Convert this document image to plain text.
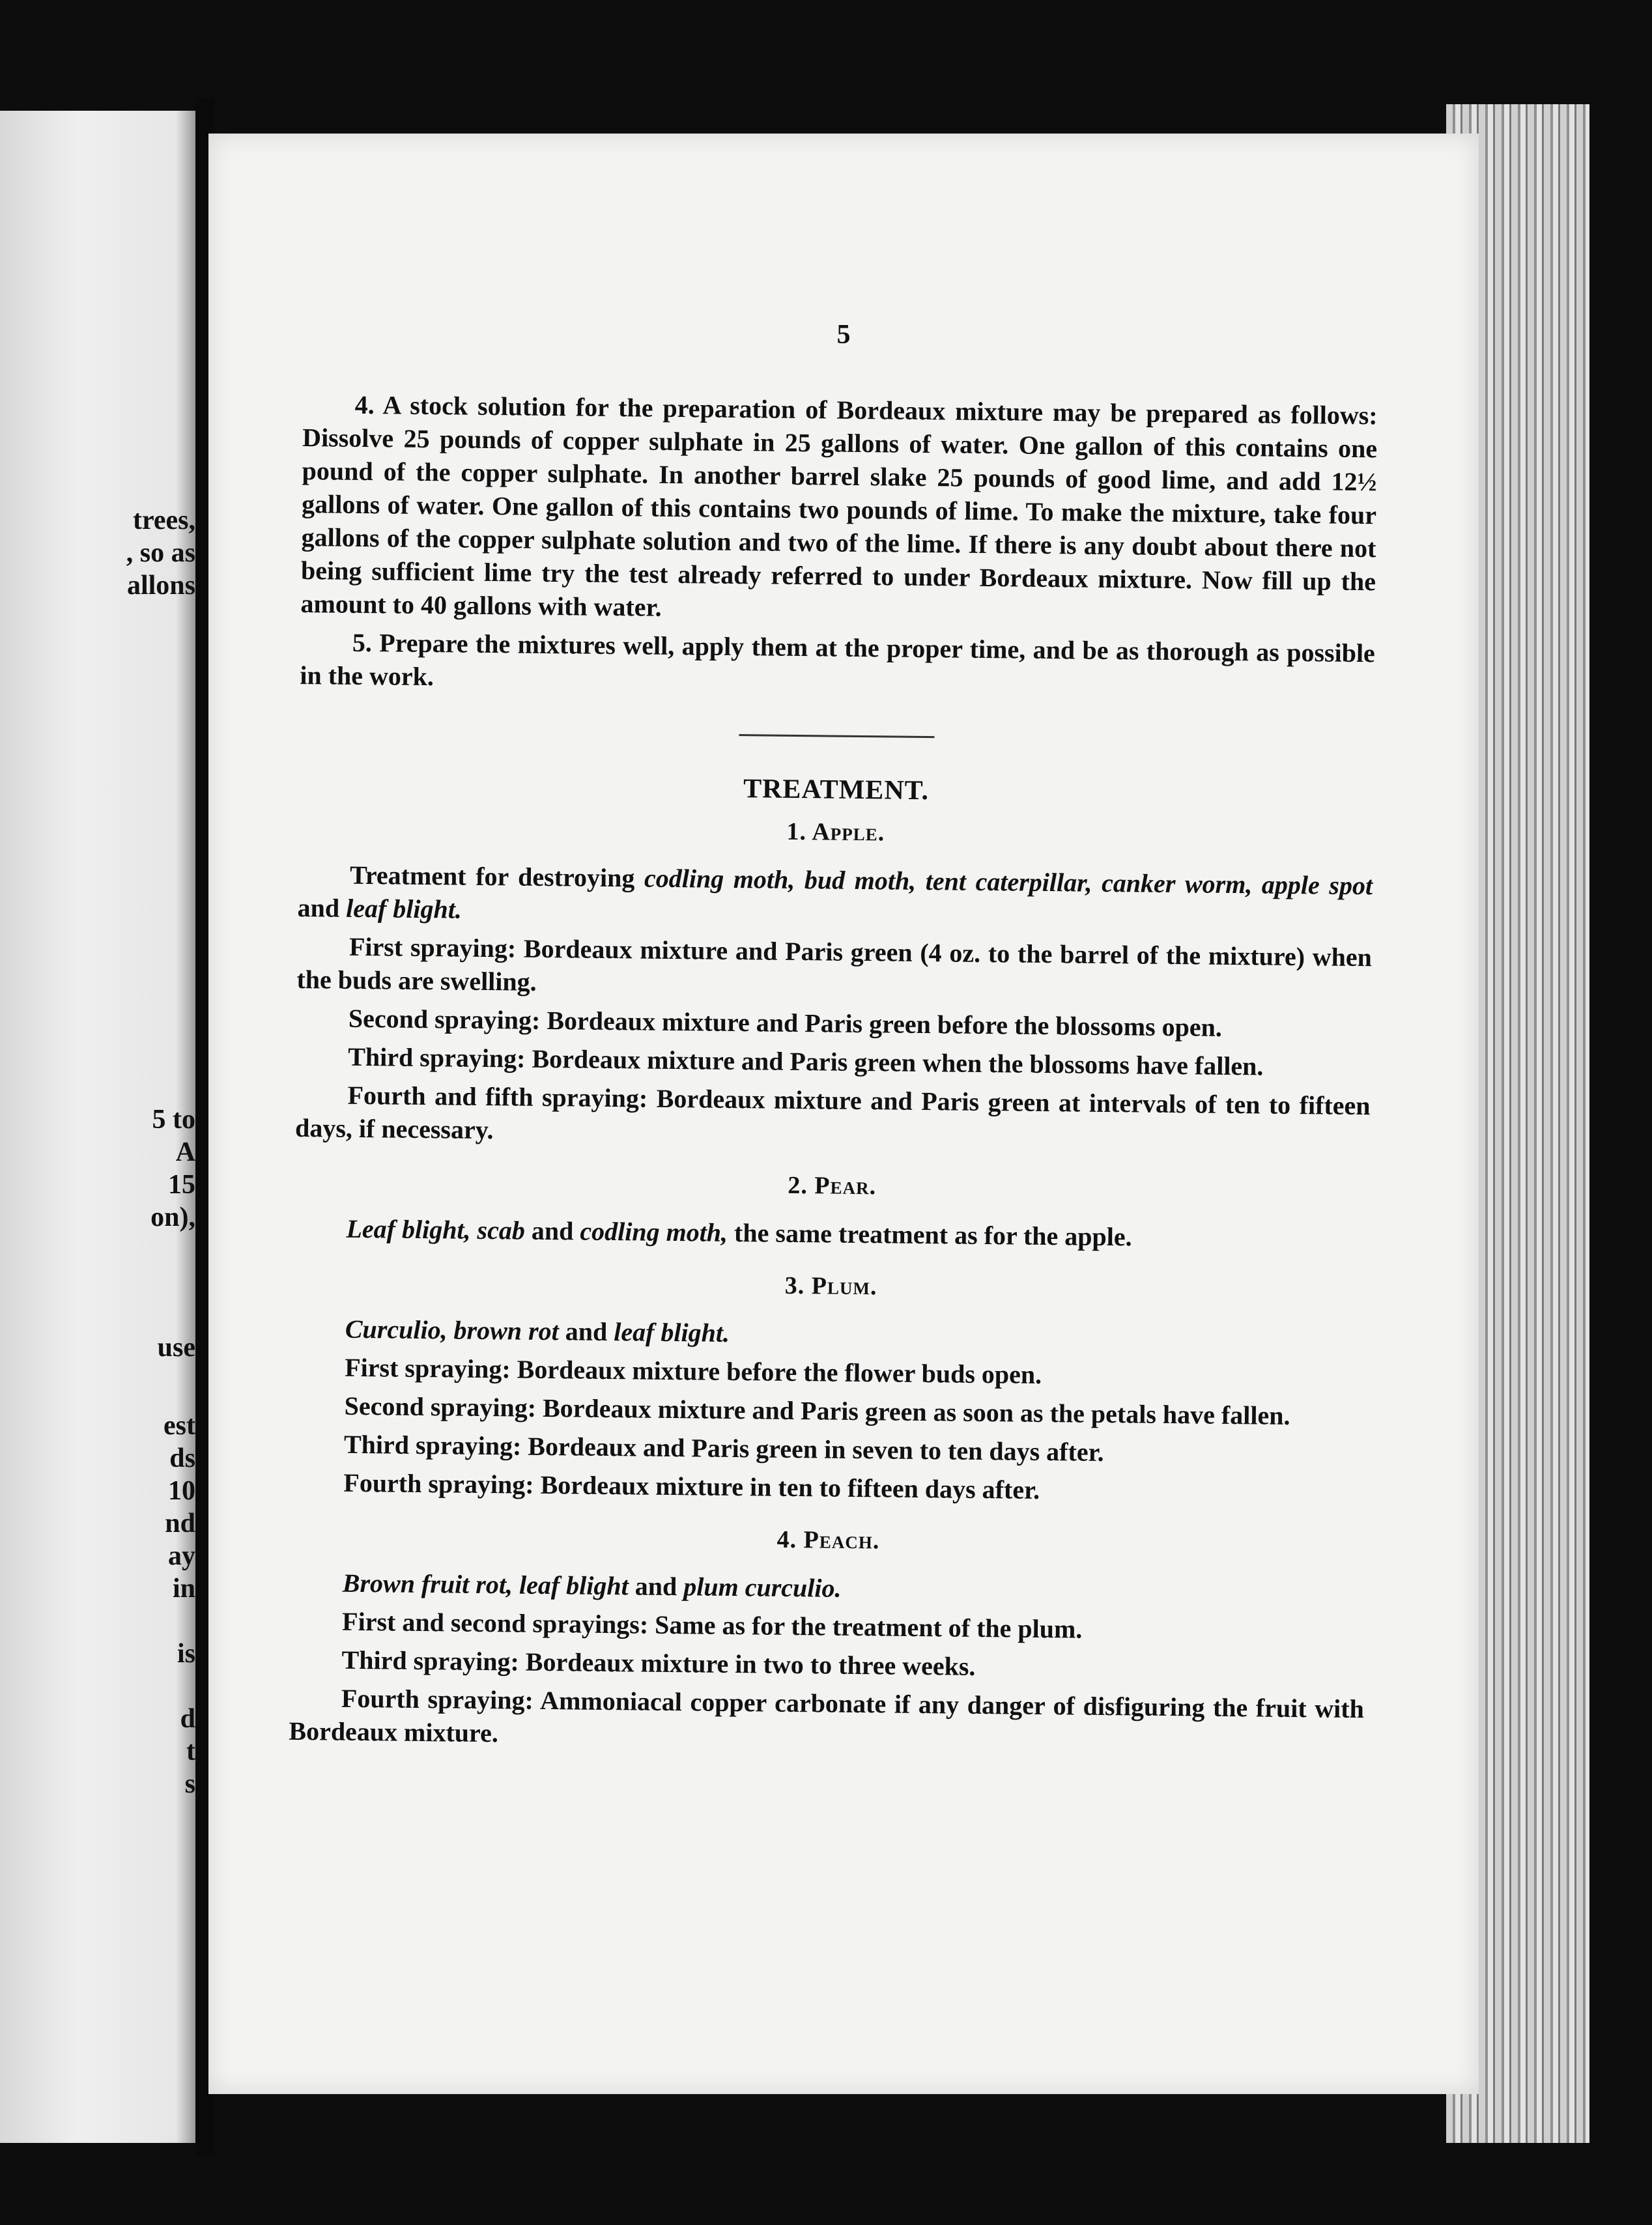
trees,
, so as
allons
5 to
A
15
on),
use
est
ds
10
nd
ay
in
is
d
t
s
5

4. A stock solution for the preparation of Bordeaux mixture may be prepared as follows: Dissolve 25 pounds of copper sulphate in 25 gallons of water. One gallon of this contains one pound of the copper sulphate. In another barrel slake 25 pounds of good lime, and add 12½ gallons of water. One gallon of this contains two pounds of lime. To make the mixture, take four gallons of the copper sulphate solution and two of the lime. If there is any doubt about there not being sufficient lime try the test already referred to under Bordeaux mixture. Now fill up the amount to 40 gallons with water.

5. Prepare the mixtures well, apply them at the proper time, and be as thorough as possible in the work.

TREATMENT.
1. Apple.

Treatment for destroying codling moth, bud moth, tent caterpillar, canker worm, apple spot and leaf blight.

First spraying: Bordeaux mixture and Paris green (4 oz. to the barrel of the mixture) when the buds are swelling.

Second spraying: Bordeaux mixture and Paris green before the blossoms open.

Third spraying: Bordeaux mixture and Paris green when the blossoms have fallen.

Fourth and fifth spraying: Bordeaux mixture and Paris green at intervals of ten to fifteen days, if necessary.

2. Pear.

Leaf blight, scab and codling moth, the same treatment as for the apple.

3. Plum.

Curculio, brown rot and leaf blight.

First spraying: Bordeaux mixture before the flower buds open.

Second spraying: Bordeaux mixture and Paris green as soon as the petals have fallen.

Third spraying: Bordeaux and Paris green in seven to ten days after.

Fourth spraying: Bordeaux mixture in ten to fifteen days after.

4. Peach.

Brown fruit rot, leaf blight and plum curculio.

First and second sprayings: Same as for the treatment of the plum.

Third spraying: Bordeaux mixture in two to three weeks.

Fourth spraying: Ammoniacal copper carbonate if any danger of disfiguring the fruit with Bordeaux mixture.
